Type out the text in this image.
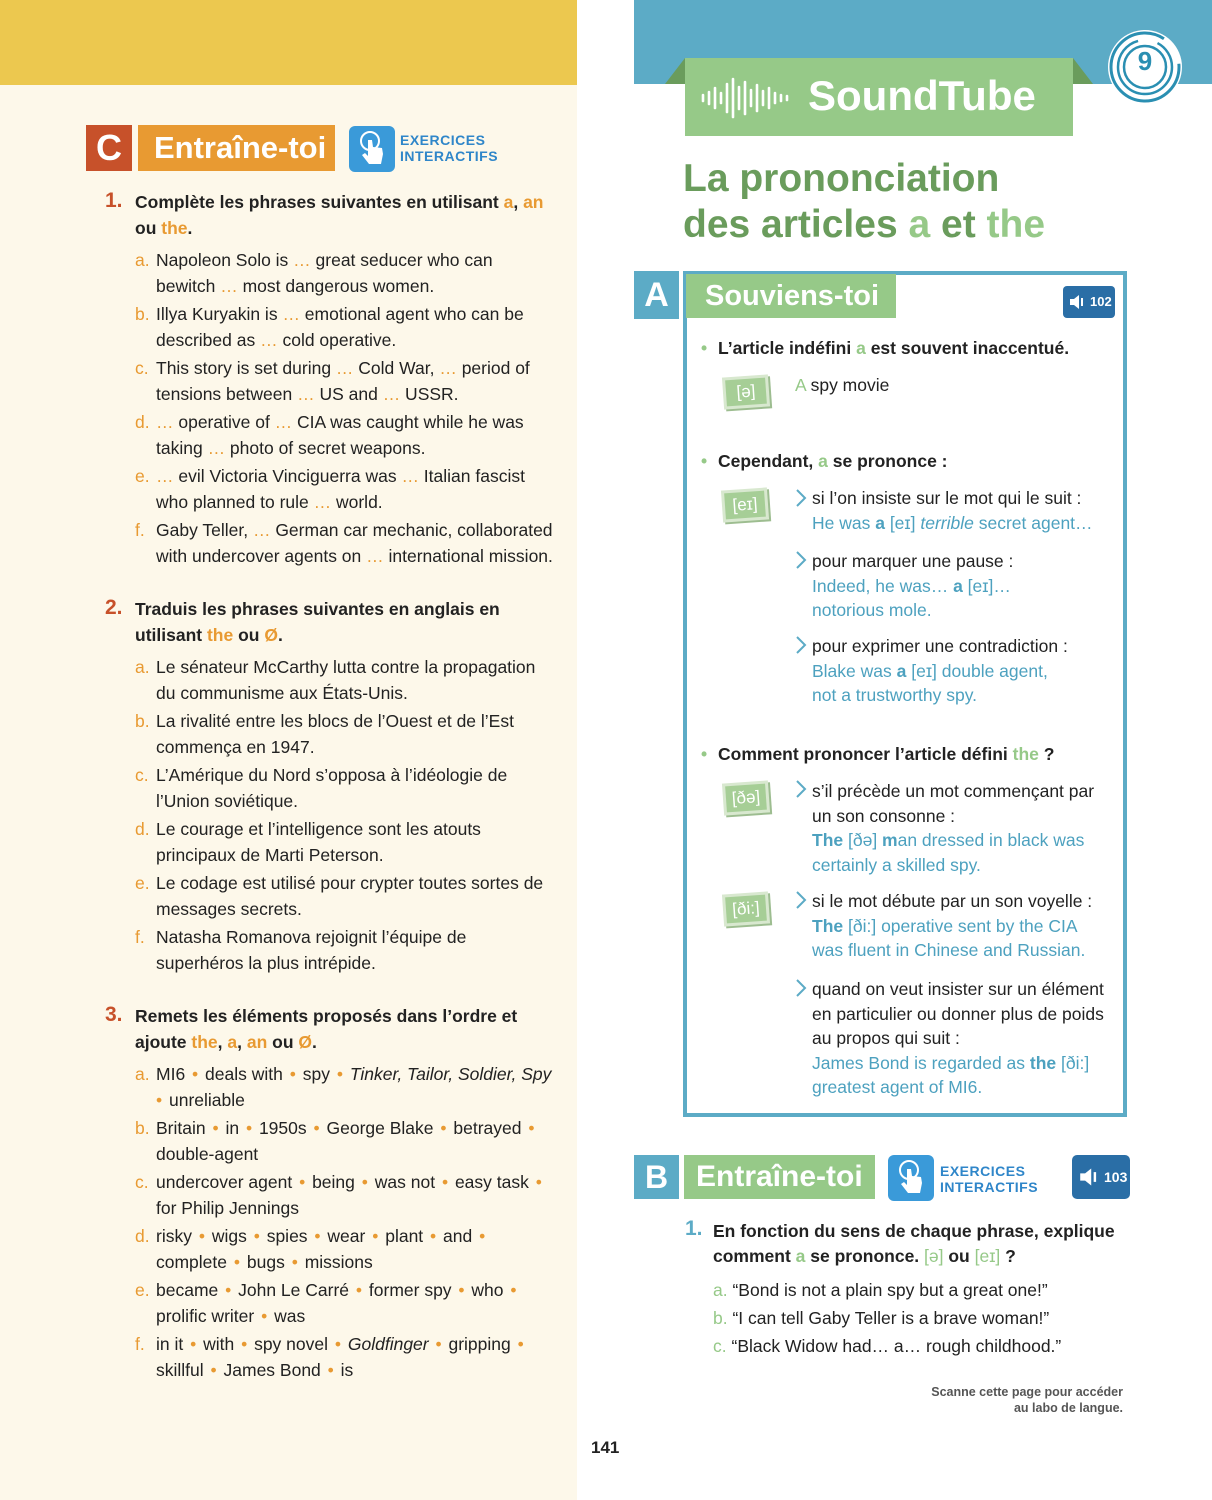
C	Entraîne-toi	EXERCICES
INTERACTIFS
1. Complète les phrases suivantes en utilisant a, an ou the.
a. Napoleon Solo is … great seducer who can bewitch … most dangerous women.
b. Illya Kuryakin is … emotional agent who can be described as … cold operative.
c. This story is set during … Cold War, … period of tensions between … US and … USSR.
d. … operative of … CIA was caught while he was taking … photo of secret weapons.
e. … evil Victoria Vinciguerra was … Italian fascist who planned to rule … world.
f. Gaby Teller, … German car mechanic, collaborated with undercover agents on … international mission.
2. Traduis les phrases suivantes en anglais en utilisant the ou Ø.
a. Le sénateur McCarthy lutta contre la propagation du communisme aux États-Unis.
b. La rivalité entre les blocs de l’Ouest et de l’Est commença en 1947.
c. L’Amérique du Nord s’opposa à l’idéologie de l’Union soviétique.
d. Le courage et l’intelligence sont les atouts principaux de Marti Peterson.
e. Le codage est utilisé pour crypter toutes sortes de messages secrets.
f. Natasha Romanova rejoignit l’équipe de superhéros la plus intrépide.
3. Remets les éléments proposés dans l’ordre et ajoute the, a, an ou Ø.
a. MI6 • deals with • spy • Tinker, Tailor, Soldier, Spy • unreliable
b. Britain • in • 1950s • George Blake • betrayed • double-agent
c. undercover agent • being • was not • easy task • for Philip Jennings
d. risky • wigs • spies • wear • plant • and • complete • bugs • missions
e. became • John Le Carré • former spy • who • prolific writer • was
f. in it • with • spy novel • Goldfinger • gripping • skillful • James Bond • is
141
SoundTube
9
La prononciation
des articles a et the
A	Souviens-toi	102
• L’article indéfini a est souvent inaccentué.
[ə]	A spy movie
• Cependant, a se prononce :
[eɪ]	si l’on insiste sur le mot qui le suit :
He was a [eɪ] terrible secret agent…
pour marquer une pause :
Indeed, he was… a [eɪ]…
notorious mole.
pour exprimer une contradiction :
Blake was a [eɪ] double agent,
not a trustworthy spy.
• Comment prononcer l’article défini the ?
[ðə]	s’il précède un mot commençant par un son consonne :
The [ðə] man dressed in black was
certainly a skilled spy.
[ði:]	si le mot débute par un son voyelle :
The [ði:] operative sent by the CIA
was fluent in Chinese and Russian.
quand on veut insister sur un élément en particulier ou donner plus de poids au propos qui suit :
James Bond is regarded as the [ði:]
greatest agent of MI6.
B Entraîne-toi	EXERCICES
INTERACTIFS
103
1. En fonction du sens de chaque phrase, explique comment a se prononce. [ə] ou [eɪ] ?
a. “Bond is not a plain spy but a great one!”
b. “I can tell Gaby Teller is a brave woman!”
c. “Black Widow had… a… rough childhood.”
Scanne cette page pour accéder
au labo de langue.
